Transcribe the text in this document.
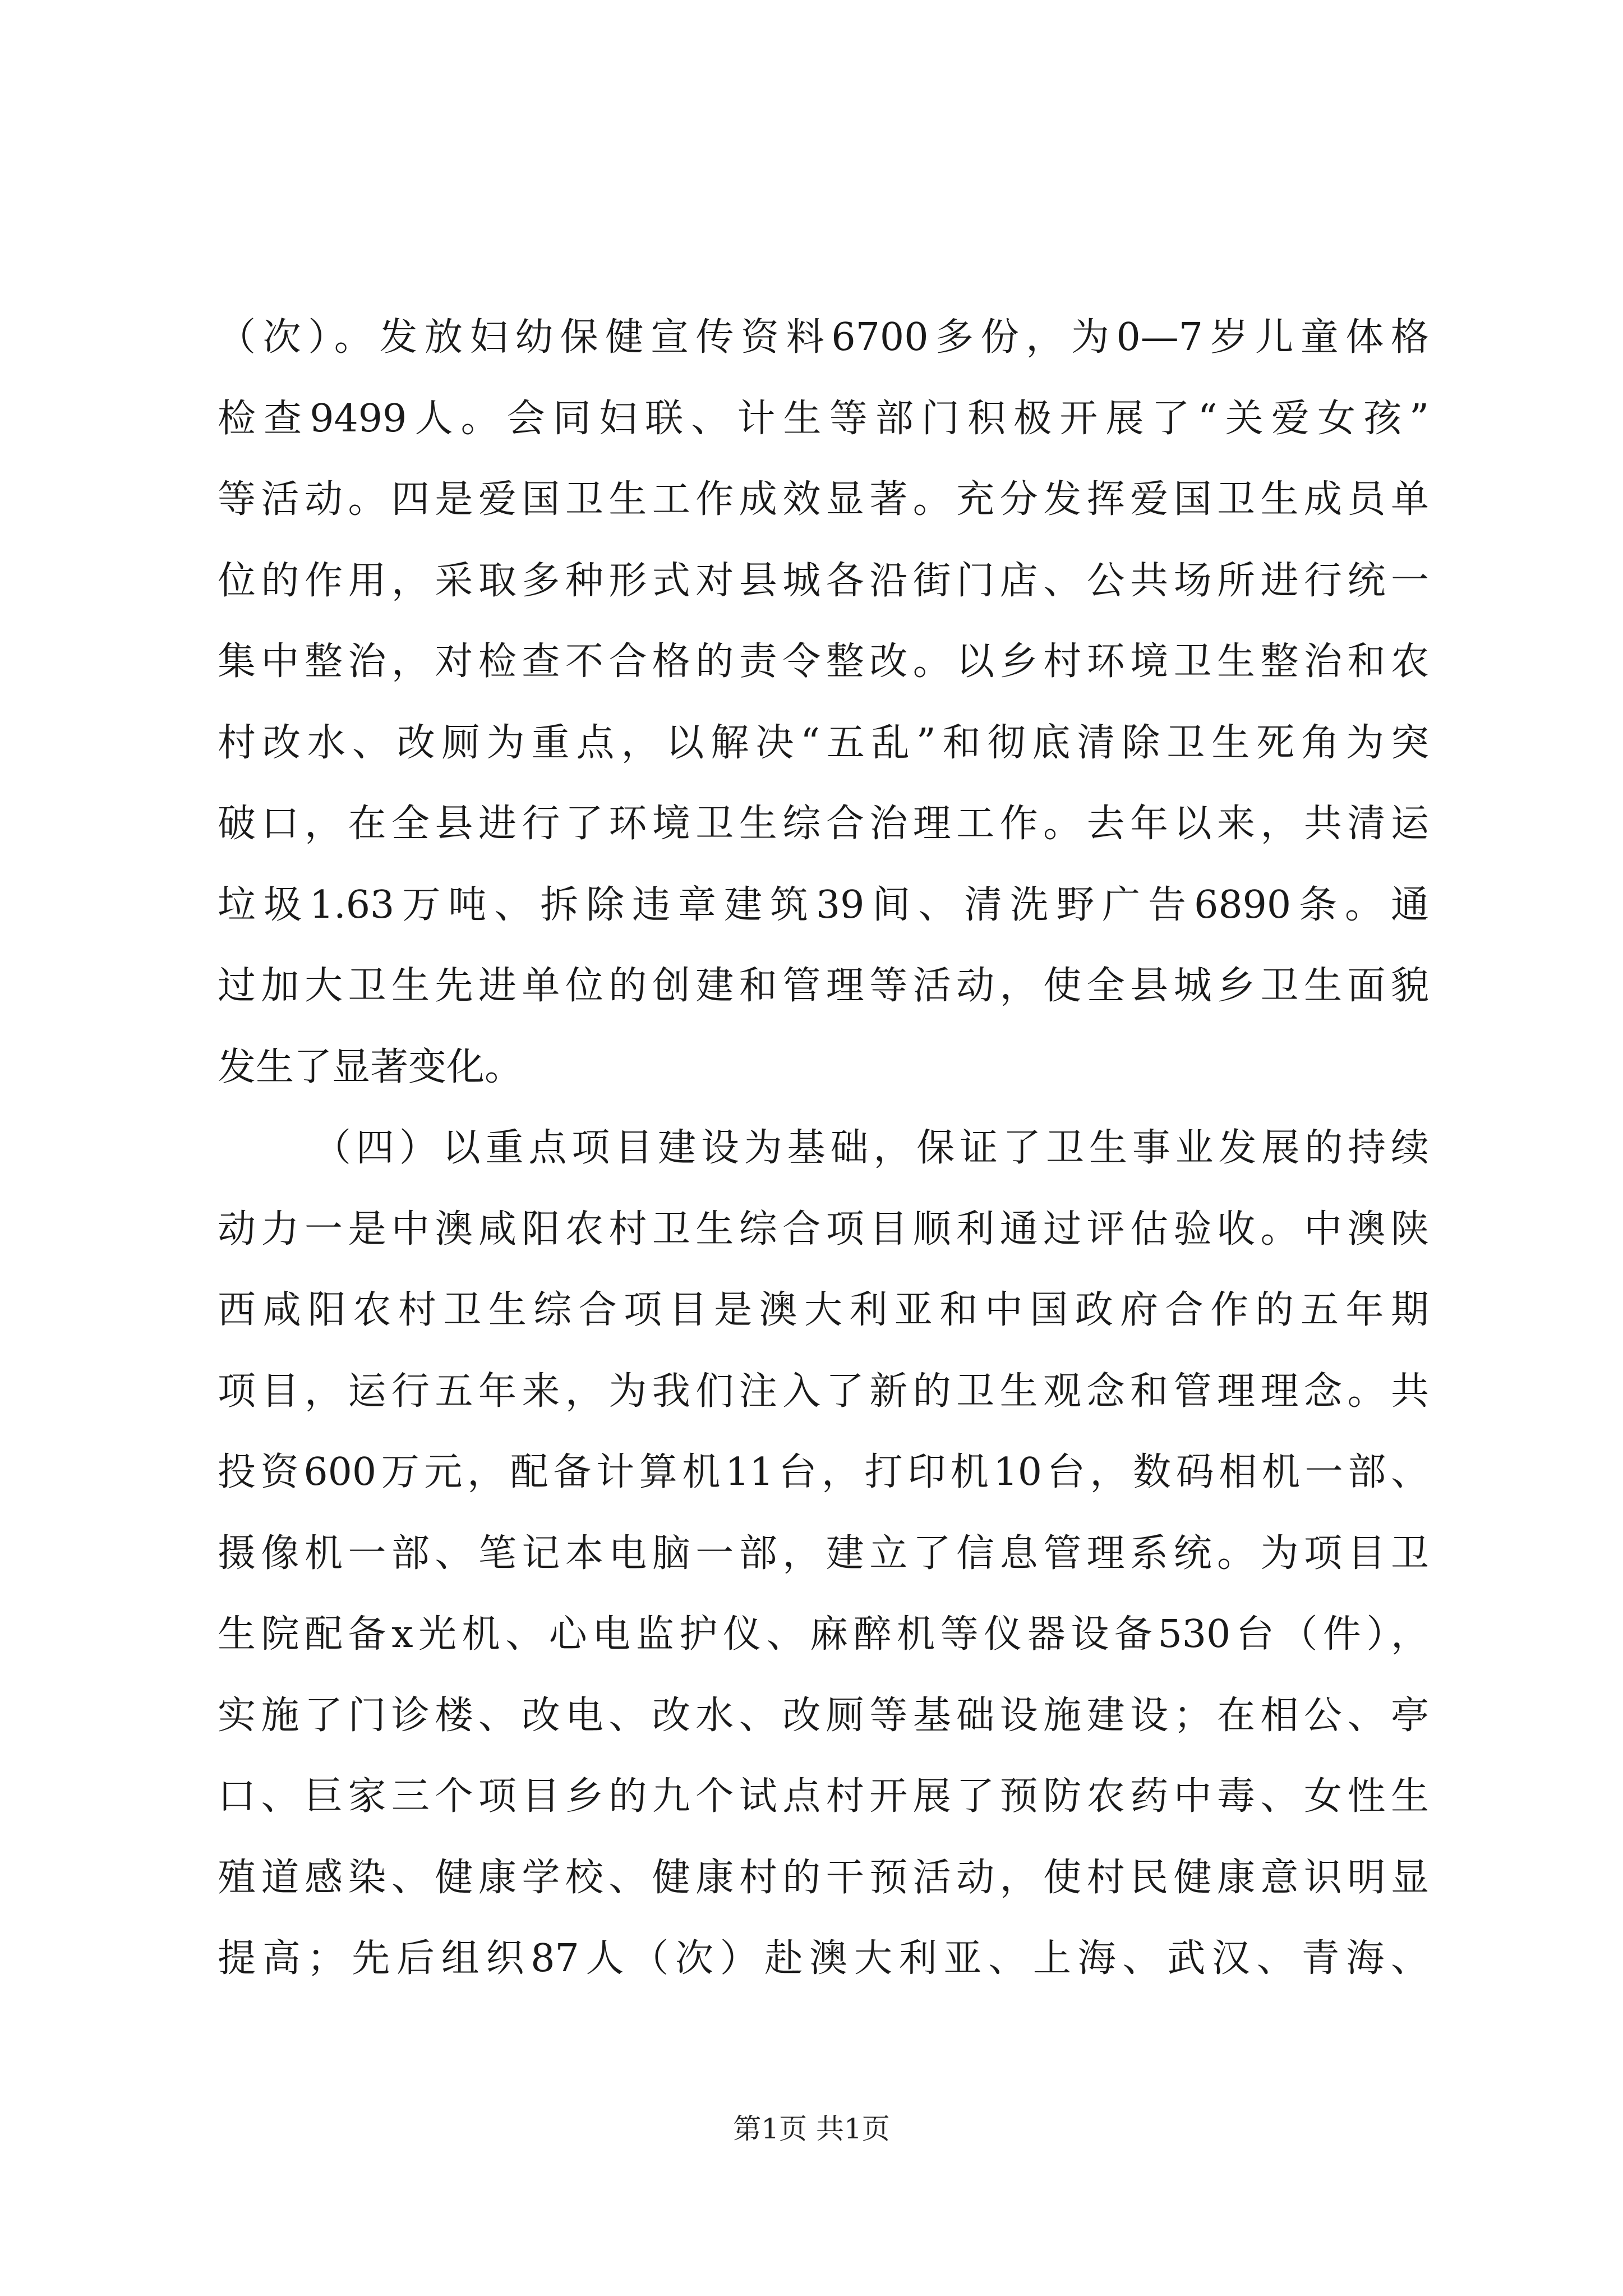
（次）。发放妇幼保健宣传资料6700多份，为0—7岁儿童体格
检查9499人。会同妇联、计生等部门积极开展了“关爱女孩”
等活动。四是爱国卫生工作成效显著。充分发挥爱国卫生成员单
位的作用，采取多种形式对县城各沿街门店、公共场所进行统一
集中整治，对检查不合格的责令整改。以乡村环境卫生整治和农
村改水、改厕为重点，以解决“五乱”和彻底清除卫生死角为突
破口，在全县进行了环境卫生综合治理工作。去年以来，共清运
垃圾1.63万吨、拆除违章建筑39间、清洗野广告6890条。通
过加大卫生先进单位的创建和管理等活动，使全县城乡卫生面貌
发生了显著变化。
（四）以重点项目建设为基础，保证了卫生事业发展的持续
动力一是中澳咸阳农村卫生综合项目顺利通过评估验收。中澳陕
西咸阳农村卫生综合项目是澳大利亚和中国政府合作的五年期
项目，运行五年来，为我们注入了新的卫生观念和管理理念。共
投资600万元，配备计算机11台，打印机10台，数码相机一部、
摄像机一部、笔记本电脑一部，建立了信息管理系统。为项目卫
生院配备x光机、心电监护仪、麻醉机等仪器设备530台（件），
实施了门诊楼、改电、改水、改厕等基础设施建设；在相公、亭
口、巨家三个项目乡的九个试点村开展了预防农药中毒、女性生
殖道感染、健康学校、健康村的干预活动，使村民健康意识明显
提高；先后组织87人（次）赴澳大利亚、上海、武汉、青海、
第1页 共1页
